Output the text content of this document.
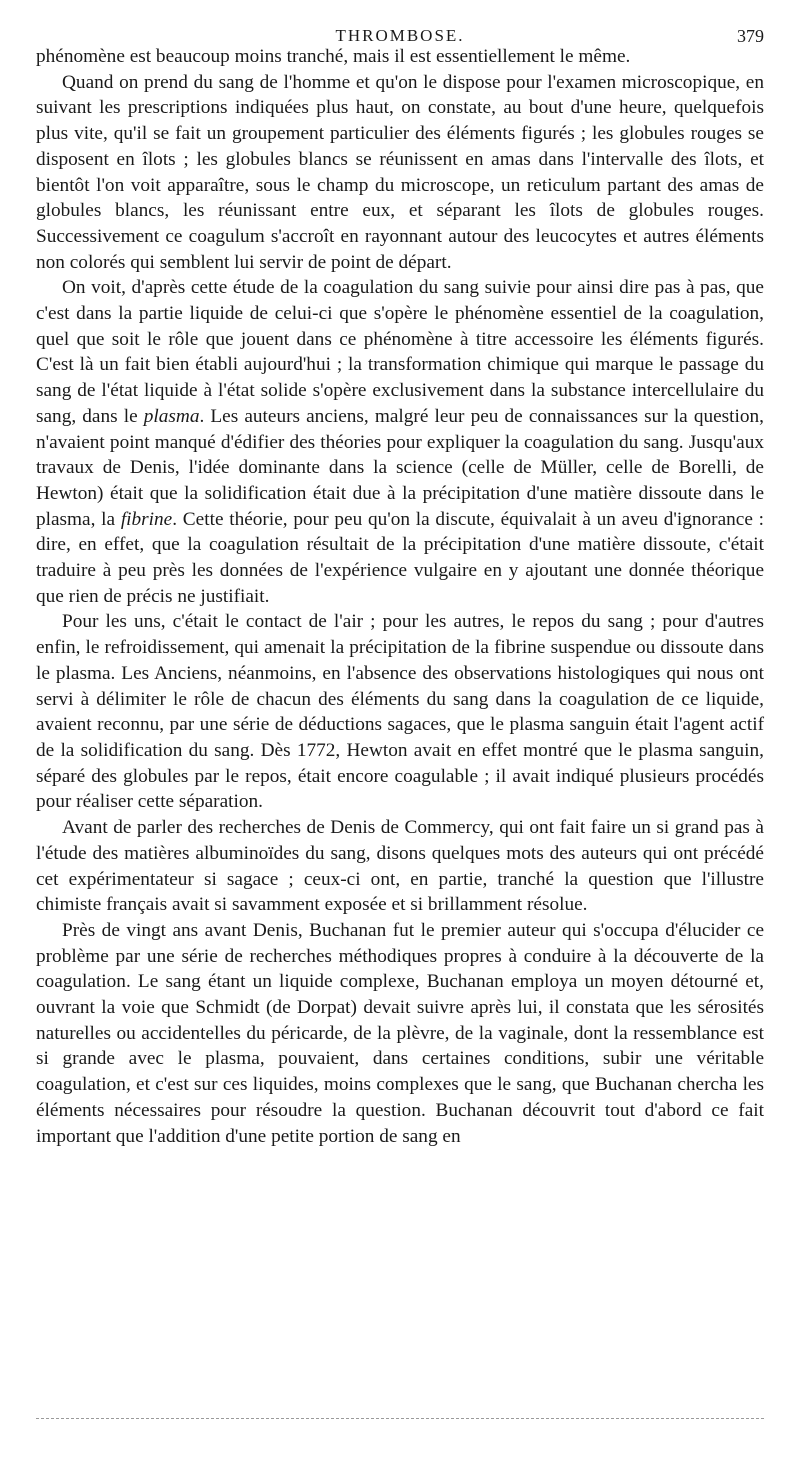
THROMBOSE.	379

phénomène est beaucoup moins tranché, mais il est essentiellement le même.

Quand on prend du sang de l'homme et qu'on le dispose pour l'examen microscopique, en suivant les prescriptions indiquées plus haut, on constate, au bout d'une heure, quelquefois plus vite, qu'il se fait un groupement particulier des éléments figurés ; les globules rouges se disposent en îlots ; les globules blancs se réunissent en amas dans l'intervalle des îlots, et bientôt l'on voit apparaître, sous le champ du microscope, un reticulum partant des amas de globules blancs, les réunissant entre eux, et séparant les îlots de globules rouges. Successivement ce coagulum s'accroît en rayonnant autour des leucocytes et autres éléments non colorés qui semblent lui servir de point de départ.

On voit, d'après cette étude de la coagulation du sang suivie pour ainsi dire pas à pas, que c'est dans la partie liquide de celui-ci que s'opère le phénomène essentiel de la coagulation, quel que soit le rôle que jouent dans ce phénomène à titre accessoire les éléments figurés. C'est là un fait bien établi aujourd'hui ; la transformation chimique qui marque le passage du sang de l'état liquide à l'état solide s'opère exclusivement dans la substance intercellulaire du sang, dans le plasma. Les auteurs anciens, malgré leur peu de connaissances sur la question, n'avaient point manqué d'édifier des théories pour expliquer la coagulation du sang. Jusqu'aux travaux de Denis, l'idée dominante dans la science (celle de Müller, celle de Borelli, de Hewton) était que la solidification était due à la précipitation d'une matière dissoute dans le plasma, la fibrine. Cette théorie, pour peu qu'on la discute, équivalait à un aveu d'ignorance : dire, en effet, que la coagulation résultait de la précipitation d'une matière dissoute, c'était traduire à peu près les données de l'expérience vulgaire en y ajoutant une donnée théorique que rien de précis ne justifiait.

Pour les uns, c'était le contact de l'air ; pour les autres, le repos du sang ; pour d'autres enfin, le refroidissement, qui amenait la précipitation de la fibrine suspendue ou dissoute dans le plasma. Les Anciens, néanmoins, en l'absence des observations histologiques qui nous ont servi à délimiter le rôle de chacun des éléments du sang dans la coagulation de ce liquide, avaient reconnu, par une série de déductions sagaces, que le plasma sanguin était l'agent actif de la solidification du sang. Dès 1772, Hewton avait en effet montré que le plasma sanguin, séparé des globules par le repos, était encore coagulable ; il avait indiqué plusieurs procédés pour réaliser cette séparation.

Avant de parler des recherches de Denis de Commercy, qui ont fait faire un si grand pas à l'étude des matières albuminoïdes du sang, disons quelques mots des auteurs qui ont précédé cet expérimentateur si sagace ; ceux-ci ont, en partie, tranché la question que l'illustre chimiste français avait si savamment exposée et si brillamment résolue.

Près de vingt ans avant Denis, Buchanan fut le premier auteur qui s'occupa d'élucider ce problème par une série de recherches méthodiques propres à conduire à la découverte de la coagulation. Le sang étant un liquide complexe, Buchanan employa un moyen détourné et, ouvrant la voie que Schmidt (de Dorpat) devait suivre après lui, il constata que les sérosités naturelles ou accidentelles du péricarde, de la plèvre, de la vaginale, dont la ressemblance est si grande avec le plasma, pouvaient, dans certaines conditions, subir une véritable coagulation, et c'est sur ces liquides, moins complexes que le sang, que Buchanan chercha les éléments nécessaires pour résoudre la question. Buchanan découvrit tout d'abord ce fait important que l'addition d'une petite portion de sang en
